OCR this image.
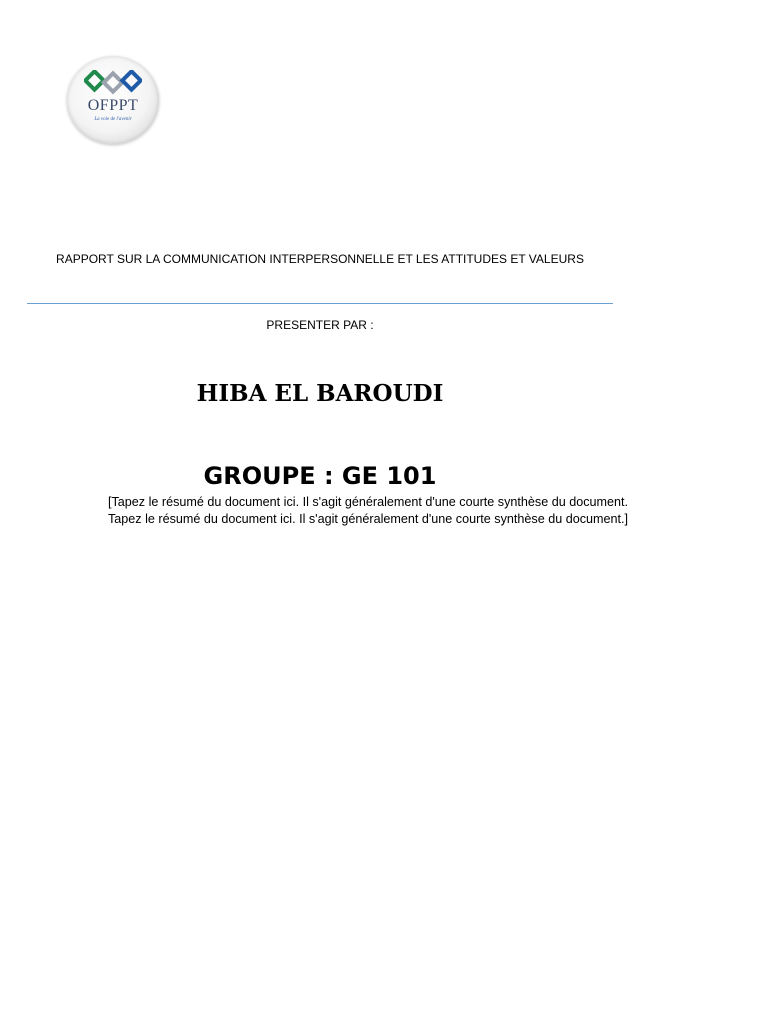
OFPPT
La voie de l'avenir
RAPPORT SUR LA COMMUNICATION INTERPERSONNELLE ET LES ATTITUDES ET VALEURS
PRESENTER PAR :
HIBA EL BAROUDI
GROUPE : GE 101
[Tapez le résumé du document ici. Il s'agit généralement d'une courte synthèse du document.
Tapez le résumé du document ici. Il s'agit généralement d'une courte synthèse du document.]
